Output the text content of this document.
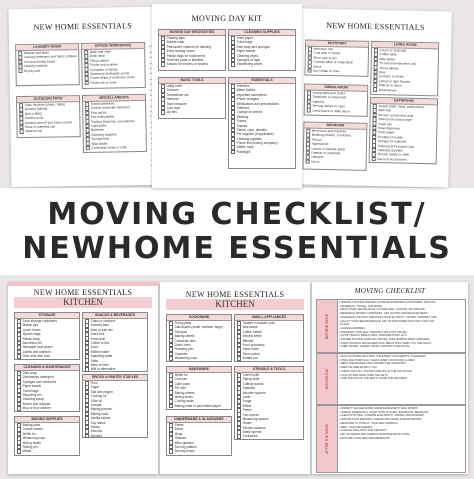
NEW HOME ESSENTIALS
LAUNDRY ROOM
Washer and dryer
Laundry detergent and fabric softener
Iron and ironing board
Laundry baskets
Drying rack
OFFICE/ WORKSPACE
Desk and chair
Desk lamp
Filing cabinet
Printer and scanner
Computer or laptop
Stationery (notepads, pens)
Power strips or extension cords
Printer ink or toner
OUTDOOR/ PATIO
Patio furniture (chairs, table)
Outdoor lighting
Grill or BBQ
Garden tools
Garden hose (if you have a yard)
Hose or watering can
Outdoor rug
MISCELLANEOUS
Smoke detectors
Carbon monoxide detectors
First aid kit
Fire extinguisher
Toolbox (hammer, screwdriver)
Light bulbs
Batteries
Cleaning supplies
Storage bins
Step ladder
Command hooks or nails
MOVING DAY KIT
MOVING DAY NECESSITIES
Packing tape
Bubble wrap
Permanent markers for labeling
Extra moving boxes
Plastic bags for small items
Furniture pads or blankets
Snacks for movers or helpers
CLEANING SUPPLIES
Toilet paper
Trash bags
Dish soap and sponges
Paper towels
Cleaning wipes
Sponges or rags
Disinfecting wipes
BASIC TOOLS
Utility knife
Scissors
Screwdriver set
Hammer
Tape measure
Duct tape
Zip ties
ESSENTIALS
Toiletries
Water bottles
Important documents
Phone chargers
Medications and prescriptions
Toiletries
Change of clothes
Bedding
Towels
Snacks
Plates, cups, utensils
Pet supplies (if applicable)
Cleaning supplies
Phone list (moving company)
Wallet, keys
Flashlight
NEW HOME ESSENTIALS
ENTRYWAY
Welcome mat
Coat rack or hooks
Shoe rack or bin
Console table or small shelf
Mirror
Key holder or bowl
LIVING ROOM
Couch or sectional
Coffee table
Side tables
TV and entertainment unit
Throw pillows
Rug
Curtains or blinds
Lamps or light fixtures
Wall art or decor
Bookshelves
DINING ROOM
Dining table and chairs
Tablecloth or placemats
Napkins
Serving dishes or trays
Centerpiece or table decor
BATHROOM
Towels (bath, hand, washcloths)
Bath mat
Shower curtain and rings
Toilet brush and plunger
Trash can
Soap dispenser
Toilet paper
Toothbrush holder
Storage for toiletries
Toiletries & Personal Care
Cleaning supplies
Shower caddy or shelf
Decor & Accessories
BEDROOM
Bed frame and mattress
Bedding (sheets, comforter)
Pillows
Nightstands
Lamps or bedside lights
Dresser or wardrobe
Hangers
Mirror
MOVING CHECKLIST/
NEWHOME ESSENTIALS
NEW HOME ESSENTIALS
KITCHEN
STORAGE
Food storage containers
Mason jars
Lunch boxes
Ziplock bags
Plastic wrap
Aluminum foil
Reusable food wraps
Labels and markers
Over-sink dish rack
SNACKS & BEVERAGES
Chips or crackers
Granola bars
Nuts or trail mix
Dried fruit
Fresh fruit
Coffee or tea
Juice
Bottled water
Sparkling water
Soda
Wine or beer
Milk or alternative
CLEANING & MAINTENANCE
Dish soap
Dishwasher detergent
Sponges and scrubbers
Paper towels
Trash bags
Recycling bin
Cleaning spray
Broom and dustpan
Mop or floor cleaner
SPICES & PANTRY STAPLES
Flour
Sugar
Salt and pepper
Cooking oil
Olive oil
Vinegar
Baking powder
Baking soda
Vanilla extract
Soy sauce
Honey
Ketchup
Mustard
BAKING SUPPLIES
Baking pans
Cookie sheets
Muffin tin
Measuring cups
Mixing bowls
Rolling pin
Whisk
NEW HOME ESSENTIALS
KITCHEN
COOKWARE
Frying pans
Saucepans (small, medium, large)
Stockpot
Baking sheets
Casserole dish
Dutch oven
Roasting pan
Colander
Measuring cups
SMALL APPLIANCES
Toaster or toaster oven
Microwave
Coffee maker
Electric kettle
Blender
Food processor
Hand mixer
Slow cooker
Instant pot
BAKEWARE
Muffin tin
Loaf pan
Cake pans
Pie dish
Baking sheets
Mixing bowls
Cooling racks
Baking mats or parchment paper
UTENSILS & TOOLS
Chef's knife
Paring knife
Cutting boards
Spatulas
Wooden spoons
Ladle
Tongs
Whisk
Peeler
Can opener
Measuring spoons
Grater
Kitchen scissors
Bottle opener
Corkscrew
DINNERWARE & GLASSWARE
Plates
Bowls
Mugs
Glasses
Wine glasses
Serving platters
Serving bowls
MOVING CHECKLIST
BEFORE MOVE
• CREATE A MOVING BUDGET: ESTIMATE EXPENSES FOR MOVERS, PACKING
• MATERIALS, TRAVEL, AND MORE.
• DECLUTTER: DECIDE WHAT TO KEEP, SELL, DONATE, OR DISCARD.
• RESEARCH MOVING COMPANIES: GET QUOTES AND READ REVIEWS.
• SCHEDULE UTILITIES: ARRANGE FOR ELECTRICITY, WATER, INTERNET, AND
• GAS AT YOUR NEW RESIDENCE. SET UP DISCONNECTION FOR YOUR OLD
• PLACE.
• CHANGE ADDRESS:
• FORWARD YOUR MAIL THROUGH THE POST OFFICE.
• NOTIFY BANKS, EMPLOYERS, SUBSCRIPTIONS, ETC.
• GATHER PACKING SUPPLIES: BOXES, TAPE, BUBBLE WRAP, MARKERS.
• START PACKING NON-ESSENTIALS: BEGIN WITH ITEMS YOU USE LEAST.
• LABEL BOXES: CLEARLY MARK CONTENTS AND ROOM.
MOVING DAY
• PACK AN ESSENTIALS BOX: TOILETRIES, DOCUMENTS, CHARGERS.
• FINAL WALKTHROUGH: CHECK EVERY ROOM AND CLOSET.
• MEET THE MOVERS AND CONFIRM THE INVENTORY.
• KEEP VALUABLES WITH YOU.
• CHECK THAT ALL UTILITIES ARE OFF AT THE OLD PLACE.
• LOCK UP AND HAND OVER THE KEYS.
• TAKE PHOTOS OF THE EMPTY HOME FOR RECORDS.
AFTER THE MOVE
• INSPECT THE NEW HOME: MAKE SURE EVERYTHING WORKS.
• UNPACK ESSENTIALS: START WITH KITCHEN, BATHROOM, BEDROOM.
• CHECK UTILITIES: CONFIRM ELECTRICITY, WATER, AND INTERNET.
• UPDATE YOUR DRIVER'S LICENSE AND VEHICLE REGISTRATION.
• REGISTER TO VOTE AT YOUR NEW ADDRESS.
• MEET YOUR NEIGHBORS.
• CHANGE THE LOCKS FOR SECURITY.
• SET UP SMOKE AND CARBON MONOXIDE DETECTORS.
• EXPLORE YOUR NEW NEIGHBORHOOD.
